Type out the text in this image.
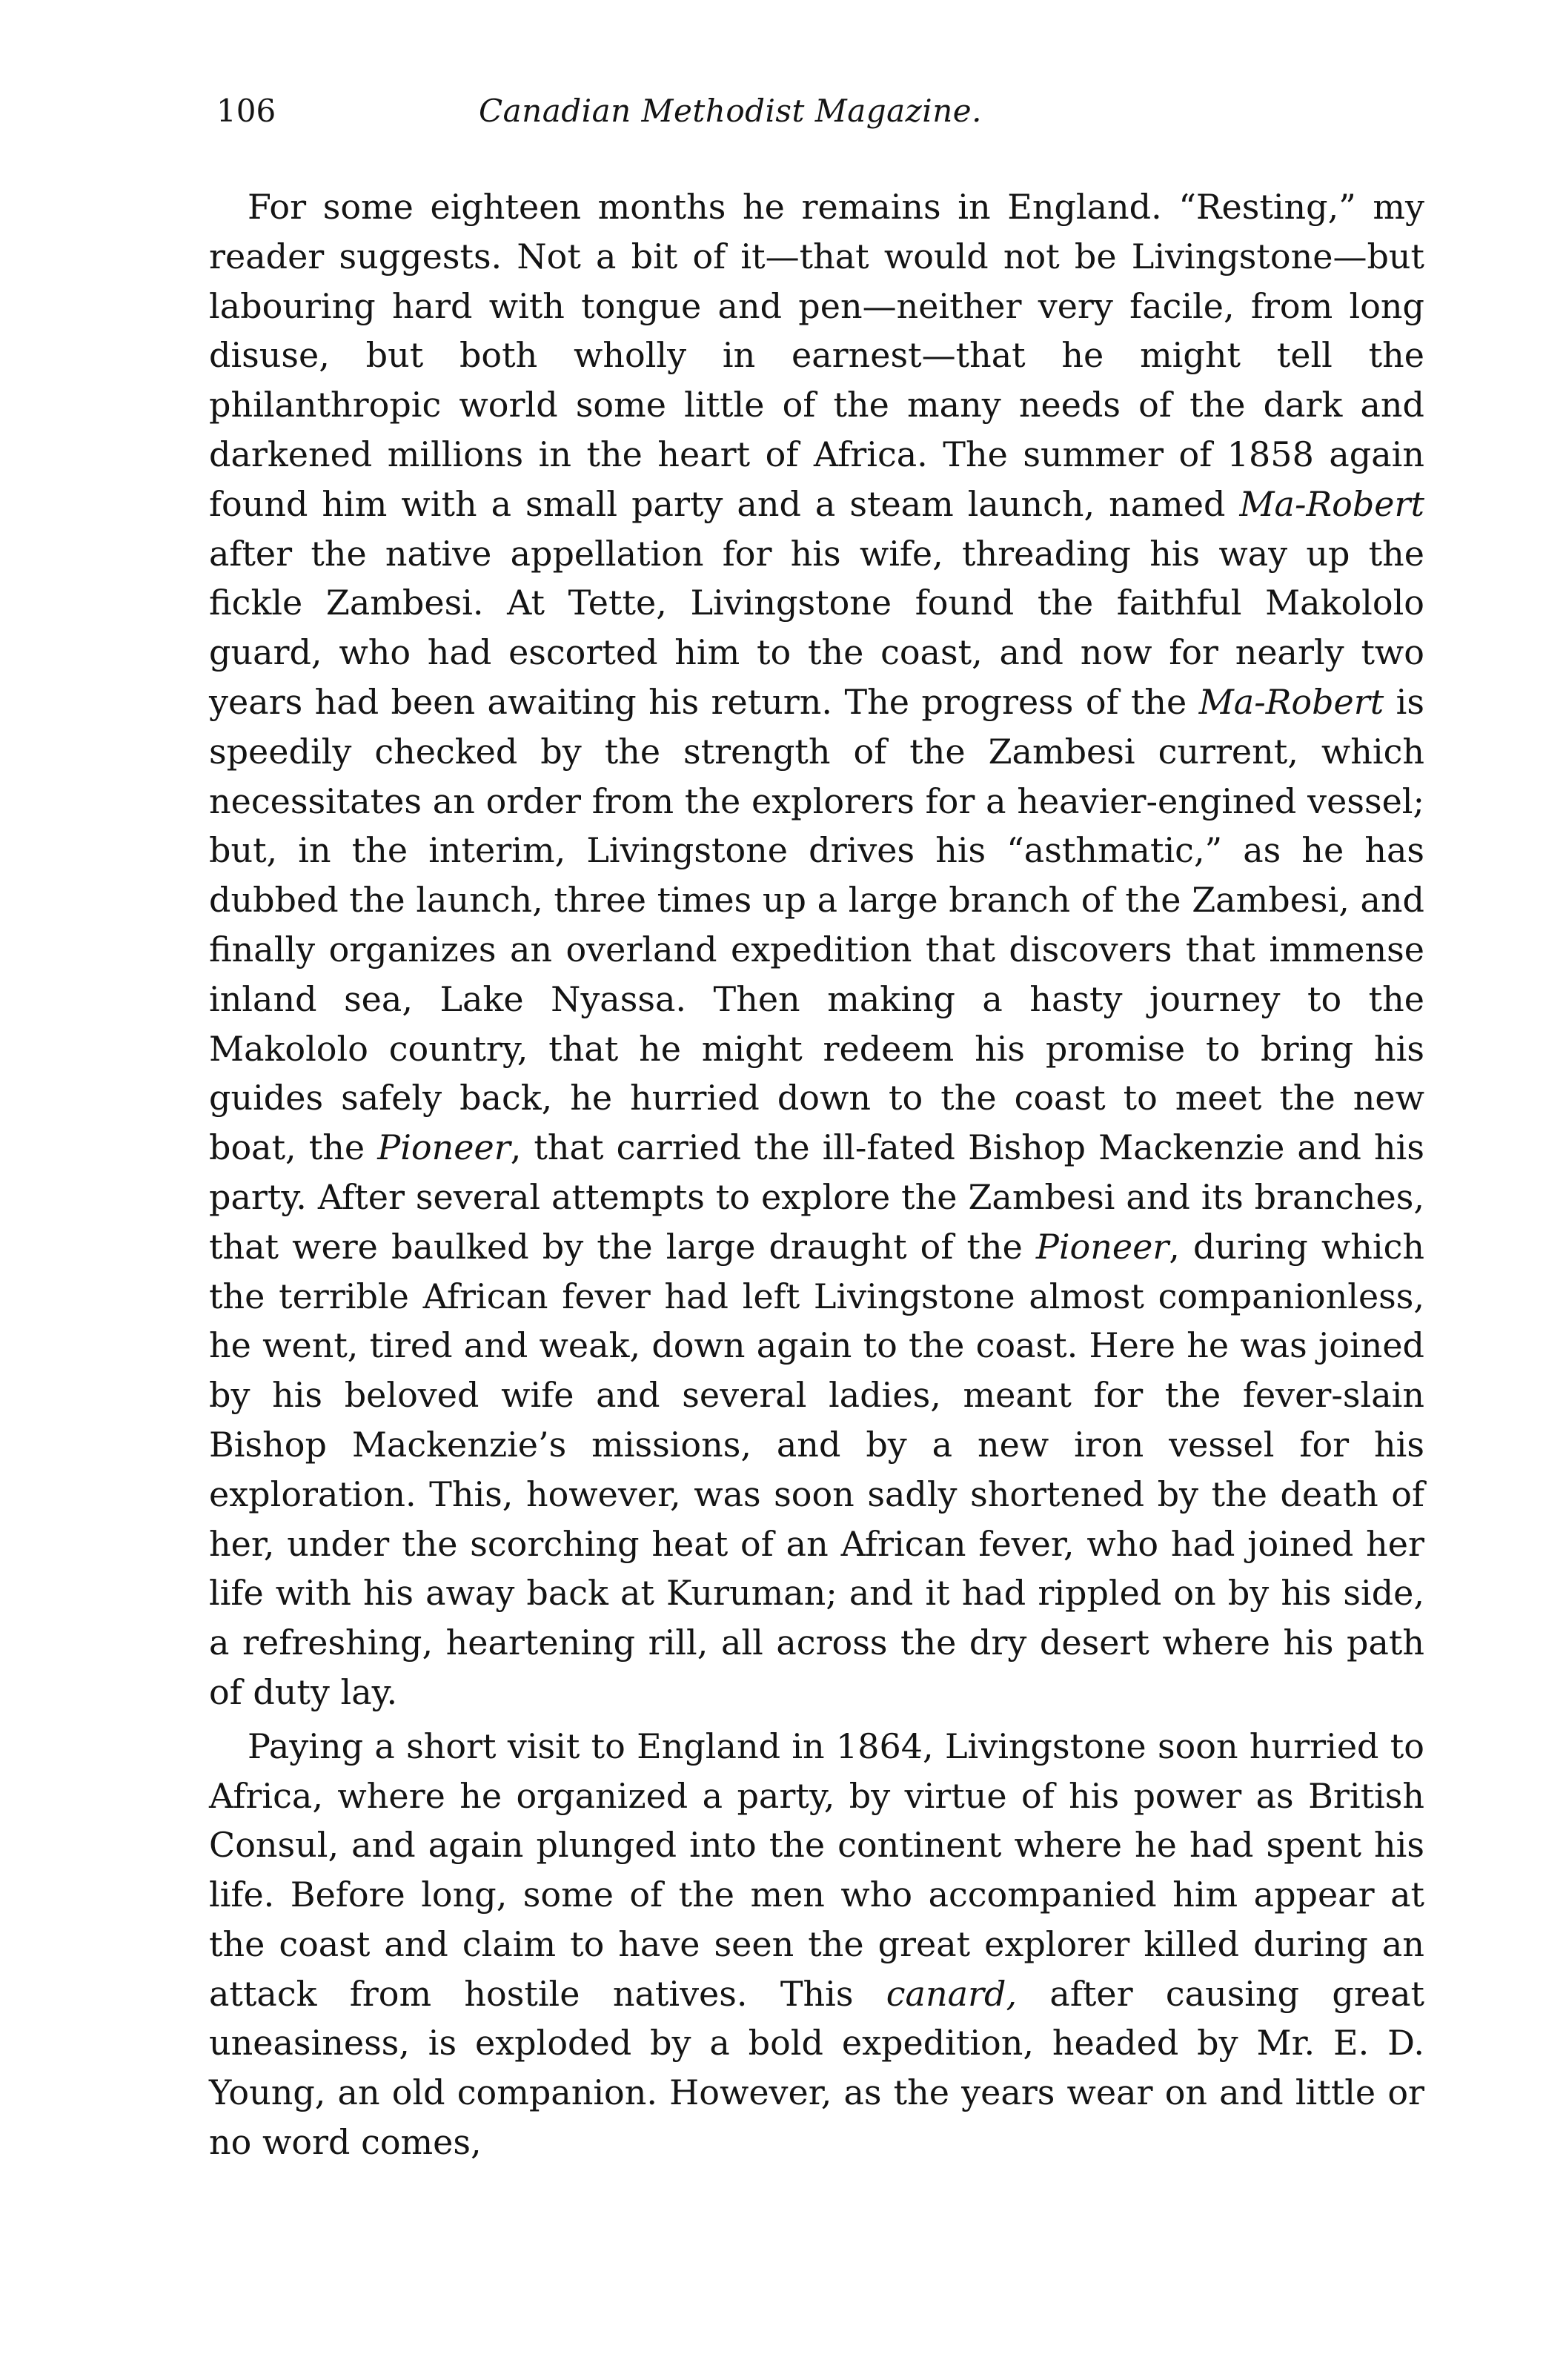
106	Canadian Methodist Magazine.

For some eighteen months he remains in England. “Resting,” my reader suggests. Not a bit of it—that would not be Livingstone—but labouring hard with tongue and pen—neither very facile, from long disuse, but both wholly in earnest—that he might tell the philanthropic world some little of the many needs of the dark and darkened millions in the heart of Africa. The summer of 1858 again found him with a small party and a steam launch, named Ma-Robert after the native appellation for his wife, threading his way up the fickle Zambesi. At Tette, Livingstone found the faithful Makololo guard, who had escorted him to the coast, and now for nearly two years had been awaiting his return. The progress of the Ma-Robert is speedily checked by the strength of the Zambesi current, which necessitates an order from the explorers for a heavier-engined vessel; but, in the interim, Livingstone drives his “asthmatic,” as he has dubbed the launch, three times up a large branch of the Zambesi, and finally organizes an overland expedition that discovers that immense inland sea, Lake Nyassa. Then making a hasty journey to the Makololo country, that he might redeem his promise to bring his guides safely back, he hurried down to the coast to meet the new boat, the Pioneer, that carried the ill-fated Bishop Mackenzie and his party. After several attempts to explore the Zambesi and its branches, that were baulked by the large draught of the Pioneer, during which the terrible African fever had left Livingstone almost companionless, he went, tired and weak, down again to the coast. Here he was joined by his beloved wife and several ladies, meant for the fever-slain Bishop Mackenzie’s missions, and by a new iron vessel for his exploration. This, however, was soon sadly shortened by the death of her, under the scorching heat of an African fever, who had joined her life with his away back at Kuruman; and it had rippled on by his side, a refreshing, heartening rill, all across the dry desert where his path of duty lay.

Paying a short visit to England in 1864, Livingstone soon hurried to Africa, where he organized a party, by virtue of his power as British Consul, and again plunged into the continent where he had spent his life. Before long, some of the men who accompanied him appear at the coast and claim to have seen the great explorer killed during an attack from hostile natives. This canard, after causing great uneasiness, is exploded by a bold expedition, headed by Mr. E. D. Young, an old companion. However, as the years wear on and little or no word comes,
